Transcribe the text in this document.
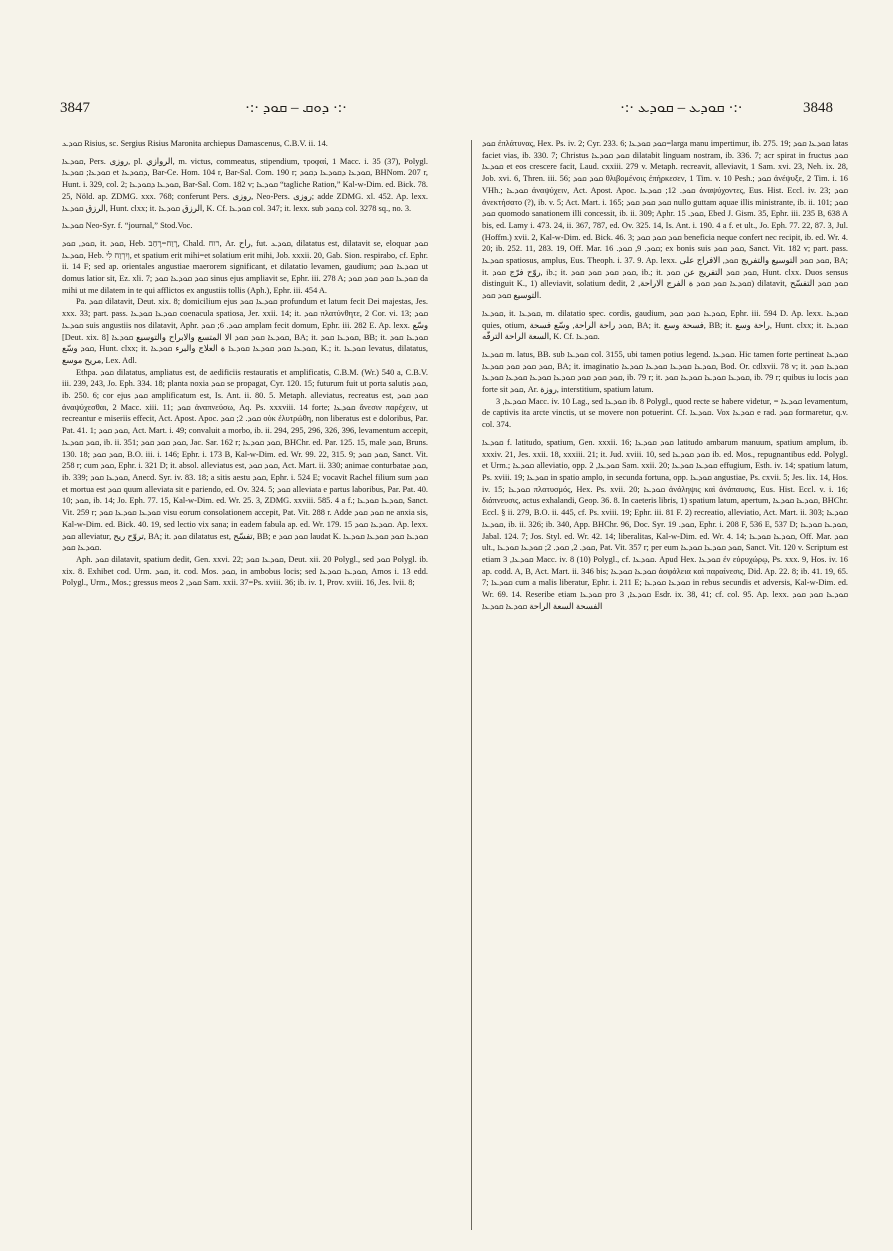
3847	·:· ܕܘܩ – ܩܘܕ ·:·	·:· ܩܘܕܥ – ܩܘܕܥ ·:·	3848

ܩܘܕܥ Risius, sc. Sergius Risius Maronita archiepus Damascenus, C.B.V. ii. 14.

ܩܘܕܥܐ, Pers. روزی, pl. الروازي, m. victus, commeatus, stipendium, τροφαί, 1 Macc. i. 35 (37), Polygl. ܩܘܕܥܐ; ܩܘܕܥܐ et ܕܩܘܕܥܐ, Bar-Ce. Hom. 104 r, Bar-Sal. Com. 190 r; ܩܘܕܥܐ ܕܩܘܕܥܐ ܕܩܘܕ, BHNom. 207 r, Hunt. i. 329, col. 2; ܩܘܕܥܐ ܕܩܘܕܥܐ, Bar-Sal. Com. 182 v; ܩܘܕܥܐ “tagliche Ration,” Kal-w-Dim. ed. Bick. 78. 25, Nöld. ap. ZDMG. xxx. 768; conferunt Pers. روزی, Neo-Pers. روزی; adde ZDMG. xl. 452. Ap. lexx. الرزق ܩܘܕܥܐ, Hunt. clxx; it. الرزق ܩܘܕܥܐ, K. Cf. ܩܘܕܥܐ col. 347; it. lexx. sub ܕܩܘܕ col. 3278 sq., no. 3.

ܩܘܕܥܐ Neo-Syr. f. “journal,” Stod.Voc.

ܩܘܕ, ܩܘܕ, it. ܩܘܕ, Heb. רָוַח=רָחַב, Chald. רוח, Ar. راح, fut. ܩܘܕܥ, dilatatus est, dilatavit se, eloquar ܩܘܕ ܩܘܕܥܐ, Heb. וְיִרְוַח לִי, et spatium erit mihi=et solatium erit mihi, Job. xxxii. 20, Gab. Sion. respirabo, cf. Ephr. ii. 14 F; sed ap. orientales angustiae maerorem significant, et dilatatio levamen, gaudium; ܩܘܕܥܐ ܩܘܕ ut domus latior sit, Ez. xli. 7; ܩܘܕ ܩܘܕܥܐ ܩܘܕ sinus ejus ampliavit se, Ephr. iii. 278 A; ܩܘܕܥܐ ܩܘܕ ܩܘܕ ܩܘܕ da mihi ut me dilatem in te qui afflictos ex angustiis tollis (Aph.), Ephr. iii. 454 A.

Pa. ܩܘܕ dilatavit, Deut. xix. 8; domicilium ejus ܩܘܕܥܐ ܩܘܕ profundum et latum fecit Dei majestas, Jes. xxx. 33; part. pass. ܩܘܕܥܐ ܩܘܕܥܐ coenacula spatiosa, Jer. xxii. 14; it. ܩܘܕ πλατύνθητε, 2 Cor. vi. 13; ܩܘܕ ܩܘܕܥܐ suis angustiis nos dilatavit, Aphr. ܩܘܕ. 6; ܩܘܕ amplam fecit domum, Ephr. iii. 282 E. Ap. lexx. وسّع [Deut. xix. 8] ܩܘܕܥܐ ܩܘܕ ܩܘܕ الا المتسع والابراح والتوسيع ܩܘܕܥܐ, BA; it. ܩܘܕܥܐ ܩܘܕ, BB; it. ܩܘܕܥܐ ܩܘܕ ܩܘܕ وسّع, Hunt. clxx; it. ܩܘܕܥܐ ܩܘܕ ܩܘܕܥܐ ܩܘܕܥܐ ة العلاج والبرء ܩܘܕܥܐ, K.; it. ܩܘܕܥܐ levatus, dilatatus, مريح موسع, Lex. Adl.

Ethpa. ܩܘܕ dilatatus, ampliatus est, de aedificiis restauratis et amplificatis, C.B.M. (Wr.) 540 a, C.B.V. iii. 239, 243, Jo. Eph. 334. 18; planta noxia ܩܘܕ se propagat, Cyr. 120. 15; futurum fuit ut porta salutis ܩܘܕ, ib. 250. 6; cor ejus ܩܘܕ amplificatum est, Is. Ant. ii. 80. 5. Metaph. alleviatus, recreatus est, ܩܘܕ ܩܘܕ ἀναψύχεσθαι, 2 Macc. xiii. 11; ܩܘܕ ἀναπνεύσω, Aq. Ps. xxxviii. 14 forte; ܩܘܕܥܐ ἄνεσιν παρέχειν, ut recreantur e miseriis effecit, Act. Apost. Apoc. ܩܘܕ. 2; ܩܘܕ οὐκ ἐλυτρώθη, non liberatus est e doloribus, Par. Pat. 41. 1; ܩܘܕ ܩܘܕ, Act. Mart. i. 49; convaluit a morbo, ib. ii. 294, 295, 296, 326, 396, levamentum accepit, ܩܘܕ ܩܘܕܥܐ, ib. ii. 351; ܩܘܕ ܩܘܕ ܩܘܕ, Jac. Sar. 162 r; ܩܘܕ ܩܘܕܥܐ, BHChr. ed. Par. 125. 15, male ܩܘܕ, Bruns. 130. 18; ܩܘܕ ܩܘܕ, B.O. iii. i. 146; Ephr. i. 173 B, Kal-w-Dim. ed. Wr. 99. 22, 315. 9; ܩܘܕ ܩܘܕ, Sanct. Vit. 258 r; cum ܩܘܕ, Ephr. i. 321 D; it. absol. alleviatus est, ܩܘܕ ܩܘܕ, Act. Mart. ii. 330; animae conturbatae ܩܘܕ, ib. 339; ܩܘܕܥܐ ܩܘܕ, Anecd. Syr. iv. 83. 18; a sitis aestu ܩܘܕ, Ephr. i. 524 E; vocavit Rachel filium sum ܩܘܕ et mortua est ܩܘܕ quum alleviata sit e pariendo, ed. Ov. 324. 5; ܩܘܕ alleviata e partus laboribus, Par. Pat. 40. 10; ܩܘܕ, ib. 14; Jo. Eph. 77. 15, Kal-w-Dim. ed. Wr. 25. 3, ZDMG. xxviii. 585. 4 a f.; ܩܘܕܥܐ ܩܘܕܥܐ, Sanct. Vit. 259 r; ܩܘܕܥܐ ܩܘܕܥܐ ܩܘܕ visu eorum consolationem accepit, Pat. Vit. 288 r. Adde ܩܘܕ ܩܘܕ ne anxia sis, Kal-w-Dim. ed. Bick. 40. 19, sed lectio vix sana; in eadem fabula ap. ed. Wr. 179. 15 ܩܘܕܥܐ ܩܘܕ. Ap. lexx. ܩܘܕ alleviatur, تروّح ريح, BA; it. ܩܘܕ dilatatus est, تفسّح, BB; e ܩܘܕ ܩܘܕ laudat K. ܩܘܕܥܐ ܩܘܕ ܩܘܕܥܐ ܩܘܕܥܐ ܩܘܕܥܐ ܩܘܕ.

Aph. ܩܘܕ dilatavit, spatium dedit, Gen. xxvi. 22; ܩܘܕܥܐ ܩܘܕ, Deut. xii. 20 Polygl., sed ܩܘܕ Polygl. ib. xix. 8. Exhibet cod. Urm. ܩܘܕ, it. cod. Mos. ܩܘܕ, in ambobus locis; sed ܩܘܕܥܐ ܩܘܕܥܐ, Amos i. 13 edd. Polygl., Urm., Mos.; gressus meos ܩܘܕ, 2 Sam. xxii. 37=Ps. xviii. 36; ib. iv. 1, Prov. xviii. 16, Jes. lvii. 8;

ܩܘܕ ἐπλάτυνας, Hex. Ps. iv. 2; Cyr. 233. 6; ܩܘܕ ܩܘܕܥܐ=larga manu impertimur, ib. 275. 19; ܩܘܕܥܐ ܩܘܕ latas faciet vias, ib. 330. 7; Christus ܩܘܕ ܩܘܕܥܐ dilatabit linguam nostram, ib. 336. 7; acr spirat in fructus ܩܘܕ ܩܘܕܥܐ et eos crescere facit, Laud. cxxiii. 279 v. Metaph. recreavit, alleviavit, 1 Sam. xvi. 23, Neh. ix. 28, Job. xvi. 6, Thren. iii. 56; ܩܘܕ ܩܘܕ θλιβομένοις ἐπήρκεσεν, 1 Tim. v. 10 Pesh.; ܩܘܕ ἀνέψυξε, 2 Tim. i. 16 VHh.; ܩܘܕܥܐ ἀναψύχειν, Act. Apost. Apoc. ܩܘܕ. 12; ܩܘܕܥܐ ἀναψύχοντες, Eus. Hist. Eccl. iv. 23; ܩܘܕ ἀνεκτήσατο (?), ib. v. 5; Act. Mart. i. 165; ܩܘܕ ܩܘܕ ܩܘܕ nullo guttam aquae illis ministrante, ib. ii. 101; ܩܘܕ ܩܘܕ quomodo sanationem illi concessit, ib. ii. 309; Aphr. ܩܘܕ. 15, Ebed J. Gism. 35, Ephr. iii. 235 B, 638 A bis, ed. Lamy i. 473. 24, ii. 367, 787, ed. Ov. 325. 14, Is. Ant. i. 190. 4 a f. et ult., Jo. Eph. 77. 22, 87. 3, Jul. (Hoffm.) xvii. 2, Kal-w-Dim. ed. Bick. 46. 3; ܩܘܕ ܩܘܕ ܩܘܕ beneficia neque confert nec recipit, ib. ed. Wr. 4. 20; ib. 252. 11, 283. 19, Off. Mar. ܩܘܕ. 9, ܩܘܕ. 16; ex bonis suis ܩܘܕ ܩܘܕ, Sanct. Vit. 182 v; part. pass. ܩܘܕܥܐ spatiosus, amplus, Eus. Theoph. i. 37. 9. Ap. lexx. ܩܘܕ ܩܘܕ التوسيع والتفريج ܩܘܕ, الافراج على, BA; it. روّح فرّج ܩܘܕ, ib.; it. ܩܘܕ ܩܘܕ ܩܘܕ ܩܘܕ, ib.; it. ܩܘܕ ܩܘܕ التفريج عن ܩܘܕ, Hunt. clxx. Duos sensus distinguit K., 1) alleviavit, solatium dedit, ܩܘܕܥܐ ܩܘܕ ܩܘܕ ة الفرج الاراحة, 2) dilatavit, ܩܘܕ ܩܘܕ التفسّح التوسيع ܩܘܕ ܩܘܕ.

ܩܘܕܥܐ, it. ܩܘܕܥܐ, m. dilatatio spec. cordis, gaudium, ܩܘܕܥܐ ܩܘܕ ܩܘܕ, Ephr. iii. 594 D. Ap. lexx. ܩܘܕܥܐ quies, otium, ܩܘܕ راحة الراحة, وسّع فسحة, BA; it. فسحة وسع, BB; it. راحة وسع, Hunt. clxx; it. ܩܘܕܥܐ السعة الراحة الترفّه, K. Cf. ܩܘܕܥܐ.

ܩܘܕܥܐ m. latus, BB. sub ܩܘܕܥܐ col. 3155, ubi tamen potius legend. ܩܘܕܥܐ. Hic tamen forte pertineat ܩܘܕܥܐ ܩܘܕ ܩܘܕ ܩܘܕ ܩܘܕܥܐ, BA; it. imaginatio ܩܘܕܥܐ ܩܘܕܥܐ ܩܘܕܥܐ ܩܘܕܥܐ, Bod. Or. cdlxvii. 78 v; it. ܩܘܕܥܐ ܩܘܕ ܩܘܕ ܩܘܕ ܩܘܕ ܩܘܕܥܐ ܩܘܕܥܐ ܩܘܕܥܐ ܩܘܕܥܐ, ib. 79 r; it. ܩܘܕܥܐ ܩܘܕܥܐ ܩܘܕܥܐ ܩܘܕ, ib. 79 r; quibus iu locis ܩܘܕ forte sit ܩܘܕ, Ar. روزة, interstitium, spatium latum.

ܩܘܕܥܐ, 3 Macc. iv. 10 Lag., sed ܩܘܕܥܐ ib. 8 Polygl., quod recte se habere videtur, = ܩܘܕܥܐ levamentum, de captivis ita arcte vinctis, ut se movere non potuerint. Cf. ܩܘܕܥܐ. Vox ܩܘܕܥܐ e rad. ܩܘܕ formaretur, q.v. col. 374.

ܩܘܕܥܐ f. latitudo, spatium, Gen. xxxii. 16; ܩܘܕ ܩܘܕܥܐ latitudo ambarum manuum, spatium amplum, ib. xxxiv. 21, Jes. xxii. 18, xxxiii. 21; it. Jud. xviii. 10, sed ܩܘܕ ܩܘܕܥܐ ib. ed. Mos., repugnantibus edd. Polygl. et Urm.; ܩܘܕܥܐ alleviatio, opp. ܩܘܕܥܐ, 2 Sam. xxii. 20; ܩܘܕܥܐ ܩܘܕܥܐ effugium, Esth. iv. 14; spatium latum, Ps. xviii. 19; ܩܘܕܥܐ in spatio amplo, in secunda fortuna, opp. ܩܘܕܥܐ angustiae, Ps. cxvii. 5; Jes. lix. 14, Hos. iv. 15; ܩܘܕܥܐ πλατυσμός, Hex. Ps. xvii. 20; ܩܘܕܥܐ ἀνάληψις καὶ ἀνάπαυσις, Eus. Hist. Eccl. v. i. 16; διάπνευσις, actus exhalandi, Geop. 36. 8. In caeteris libris, 1) spatium latum, apertum, ܩܘܕܥܐ ܩܘܕܥܐ, BHChr. Eccl. § ii. 279, B.O. ii. 445, cf. Ps. xviii. 19; Ephr. iii. 81 F. 2) recreatio, alleviatio, Act. Mart. ii. 303; ܩܘܕܥܐ ܩܘܕܥܐ, ib. ii. 326; ib. 340, App. BHChr. 96, Doc. Syr. ܩܘܕ. 19, Ephr. i. 208 F, 536 E, 537 D; ܩܘܕܥܐ ܩܘܕܥܐ, Jabal. 124. 7; Jos. Styl. ed. Wr. 42. 14; liberalitas, Kal-w-Dim. ed. Wr. 4. 14; ܩܘܕܥܐ ܩܘܕܥܐ, Off. Mar. ܩܘܕ ult., ܩܘܕ. 2, ܩܘܕ. 2; ܩܘܕܥܐ ܩܘܕܥܐ, Pat. Vit. 357 r; per eum ܩܘܕ ܩܘܕܥܐ ܩܘܕܥܐ, Sanct. Vit. 120 v. Scriptum est etiam ܩܘܕܥܐ, 3 Macc. iv. 8 (10) Polygl., cf. ܩܘܕܥܐ. Apud Hex. ܩܘܕܥܐ ἐν εὐρυχώρῳ, Ps. xxx. 9, Hos. iv. 16 ap. codd. A, B, Act. Mart. ii. 346 bis; ܩܘܕܥܐ ܩܘܕܥܐ ἀσφάλεια καὶ παραίνεσις, Did. Ap. 22. 8; ib. 41. 19, 65. 7; ܩܘܕܥܐ cum a malis liberatur, Ephr. i. 211 E; ܩܘܕܥܐ ܩܘܕܥܐ in rebus secundis et adversis, Kal-w-Dim. ed. Wr. 69. 14. Reseribe etiam ܩܘܕܥܐ pro ܩܘܕܥܐ, 3 Esdr. ix. 38, 41; cf. col. 95. Ap. lexx. ܩܘܕܥܐ ܩܘܕ ܩܘܕ الفسحة السعة الراحة ܩܘܕܥܐ ܩܘܕܥܐ
